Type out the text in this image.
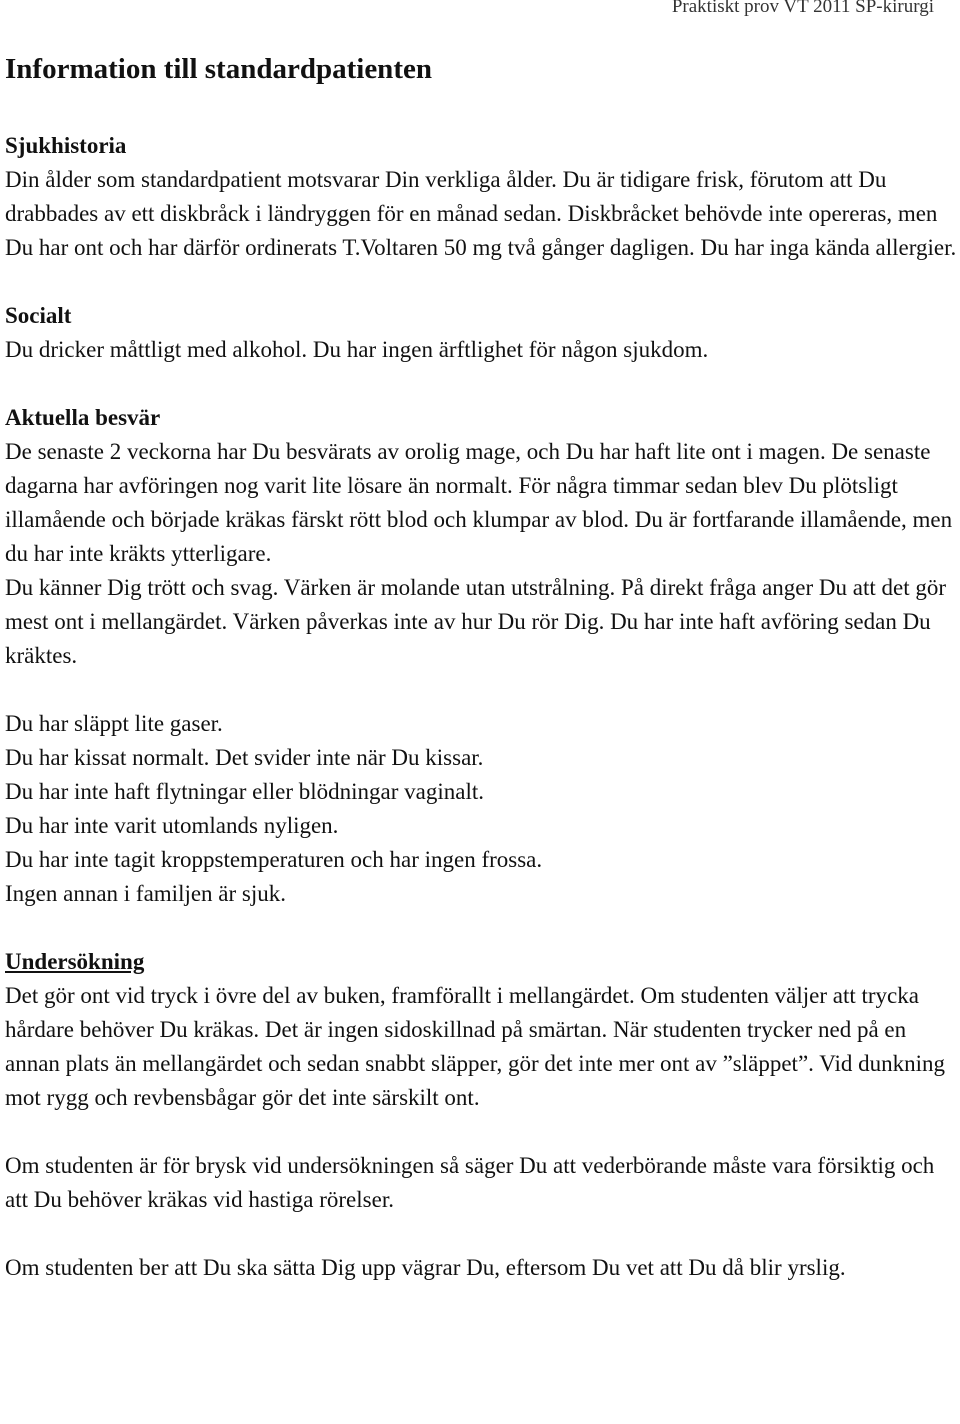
Praktiskt prov VT 2011 SP-kirurgi

Information till standardpatienten
Sjukhistoria

Din ålder som standardpatient motsvarar Din verkliga ålder. Du är tidigare frisk, förutom att Du drabbades av ett diskbråck i ländryggen för en månad sedan. Diskbråcket behövde inte opereras, men Du har ont och har därför ordinerats T.Voltaren 50 mg två gånger dagligen. Du har inga kända allergier.

Socialt

Du dricker måttligt med alkohol. Du har ingen ärftlighet för någon sjukdom.

Aktuella besvär

De senaste 2 veckorna har Du besvärats av orolig mage, och Du har haft lite ont i magen. De senaste dagarna har avföringen nog varit lite lösare än normalt. För några timmar sedan blev Du plötsligt illamående och började kräkas färskt rött blod och klumpar av blod. Du är fortfarande illamående, men du har inte kräkts ytterligare.

Du känner Dig trött och svag. Värken är molande utan utstrålning. På direkt fråga anger Du att det gör mest ont i mellangärdet. Värken påverkas inte av hur Du rör Dig. Du har inte haft avföring sedan Du kräktes.

Du har släppt lite gaser.

Du har kissat normalt. Det svider inte när Du kissar.

Du har inte haft flytningar eller blödningar vaginalt.

Du har inte varit utomlands nyligen.

Du har inte tagit kroppstemperaturen och har ingen frossa.

Ingen annan i familjen är sjuk.

Undersökning

Det gör ont vid tryck i övre del av buken, framförallt i mellangärdet. Om studenten väljer att trycka hårdare behöver Du kräkas. Det är ingen sidoskillnad på smärtan. När studenten trycker ned på en annan plats än mellangärdet och sedan snabbt släpper, gör det inte mer ont av ”släppet”. Vid dunkning mot rygg och revbensbågar gör det inte särskilt ont.

Om studenten är för brysk vid undersökningen så säger Du att vederbörande måste vara försiktig och att Du behöver kräkas vid hastiga rörelser.

Om studenten ber att Du ska sätta Dig upp vägrar Du, eftersom Du vet att Du då blir yrslig.
